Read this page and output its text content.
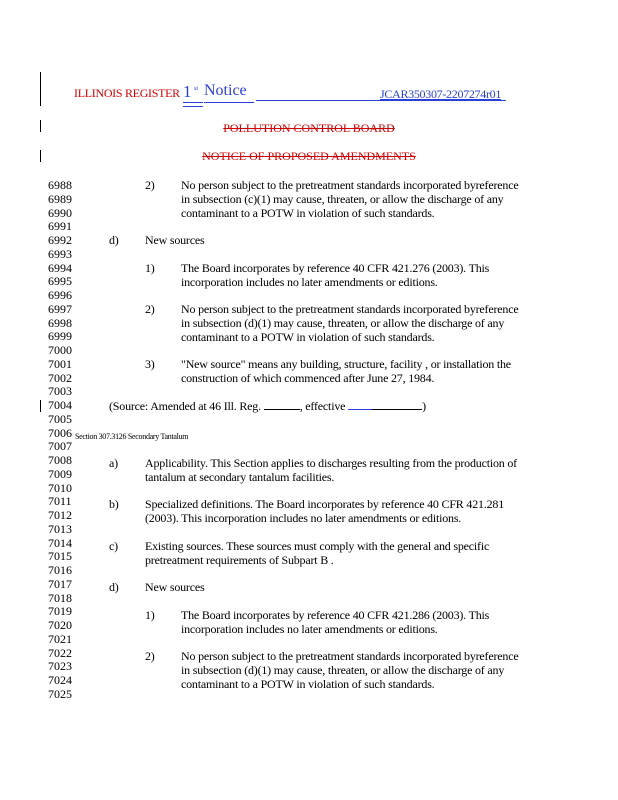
ILLINOIS REGISTER 1 st Notice	JCAR350307-2207274r01
POLLUTION CONTROL BOARD
NOTICE OF PROPOSED AMENDMENTS
6988
6989
6990
6991
6992
6993
6994
6995
6996
6997
6998
6999
7000
7001
7002
7003
7004
7005
7006
7007
7008
7009
7010
7011
7012
7013
7014
7015
7016
7017
7018
7019
7020
7021
7022
7023
7024
7025
2) No person subject to the pretreatment standards incorporated byreference
in subsection (c)(1) may cause, threaten, or allow the discharge of any
contaminant to a POTW in violation of such standards.
d) New sources
1) The Board incorporates by reference 40 CFR 421.276 (2003). This
incorporation includes no later amendments or editions.
2) No person subject to the pretreatment standards incorporated byreference
in subsection (d)(1) may cause, threaten, or allow the discharge of any
contaminant to a POTW in violation of such standards.
3) "New source" means any building, structure, facility , or installation the
construction of which commenced after June 27, 1984.
(Source: Amended at 46 Ill. Reg.	, effective	)
Section 307.3126 Secondary Tantalum
a) Applicability. This Section applies to discharges resulting from the production of
tantalum at secondary tantalum facilities.
b) Specialized definitions. The Board incorporates by reference 40 CFR 421.281
(2003). This incorporation includes no later amendments or editions.
c) Existing sources. These sources must comply with the general and specific
pretreatment requirements of Subpart B .
d) New sources
1) The Board incorporates by reference 40 CFR 421.286 (2003). This
incorporation includes no later amendments or editions.
2) No person subject to the pretreatment standards incorporated byreference
in subsection (d)(1) may cause, threaten, or allow the discharge of any
contaminant to a POTW in violation of such standards.
